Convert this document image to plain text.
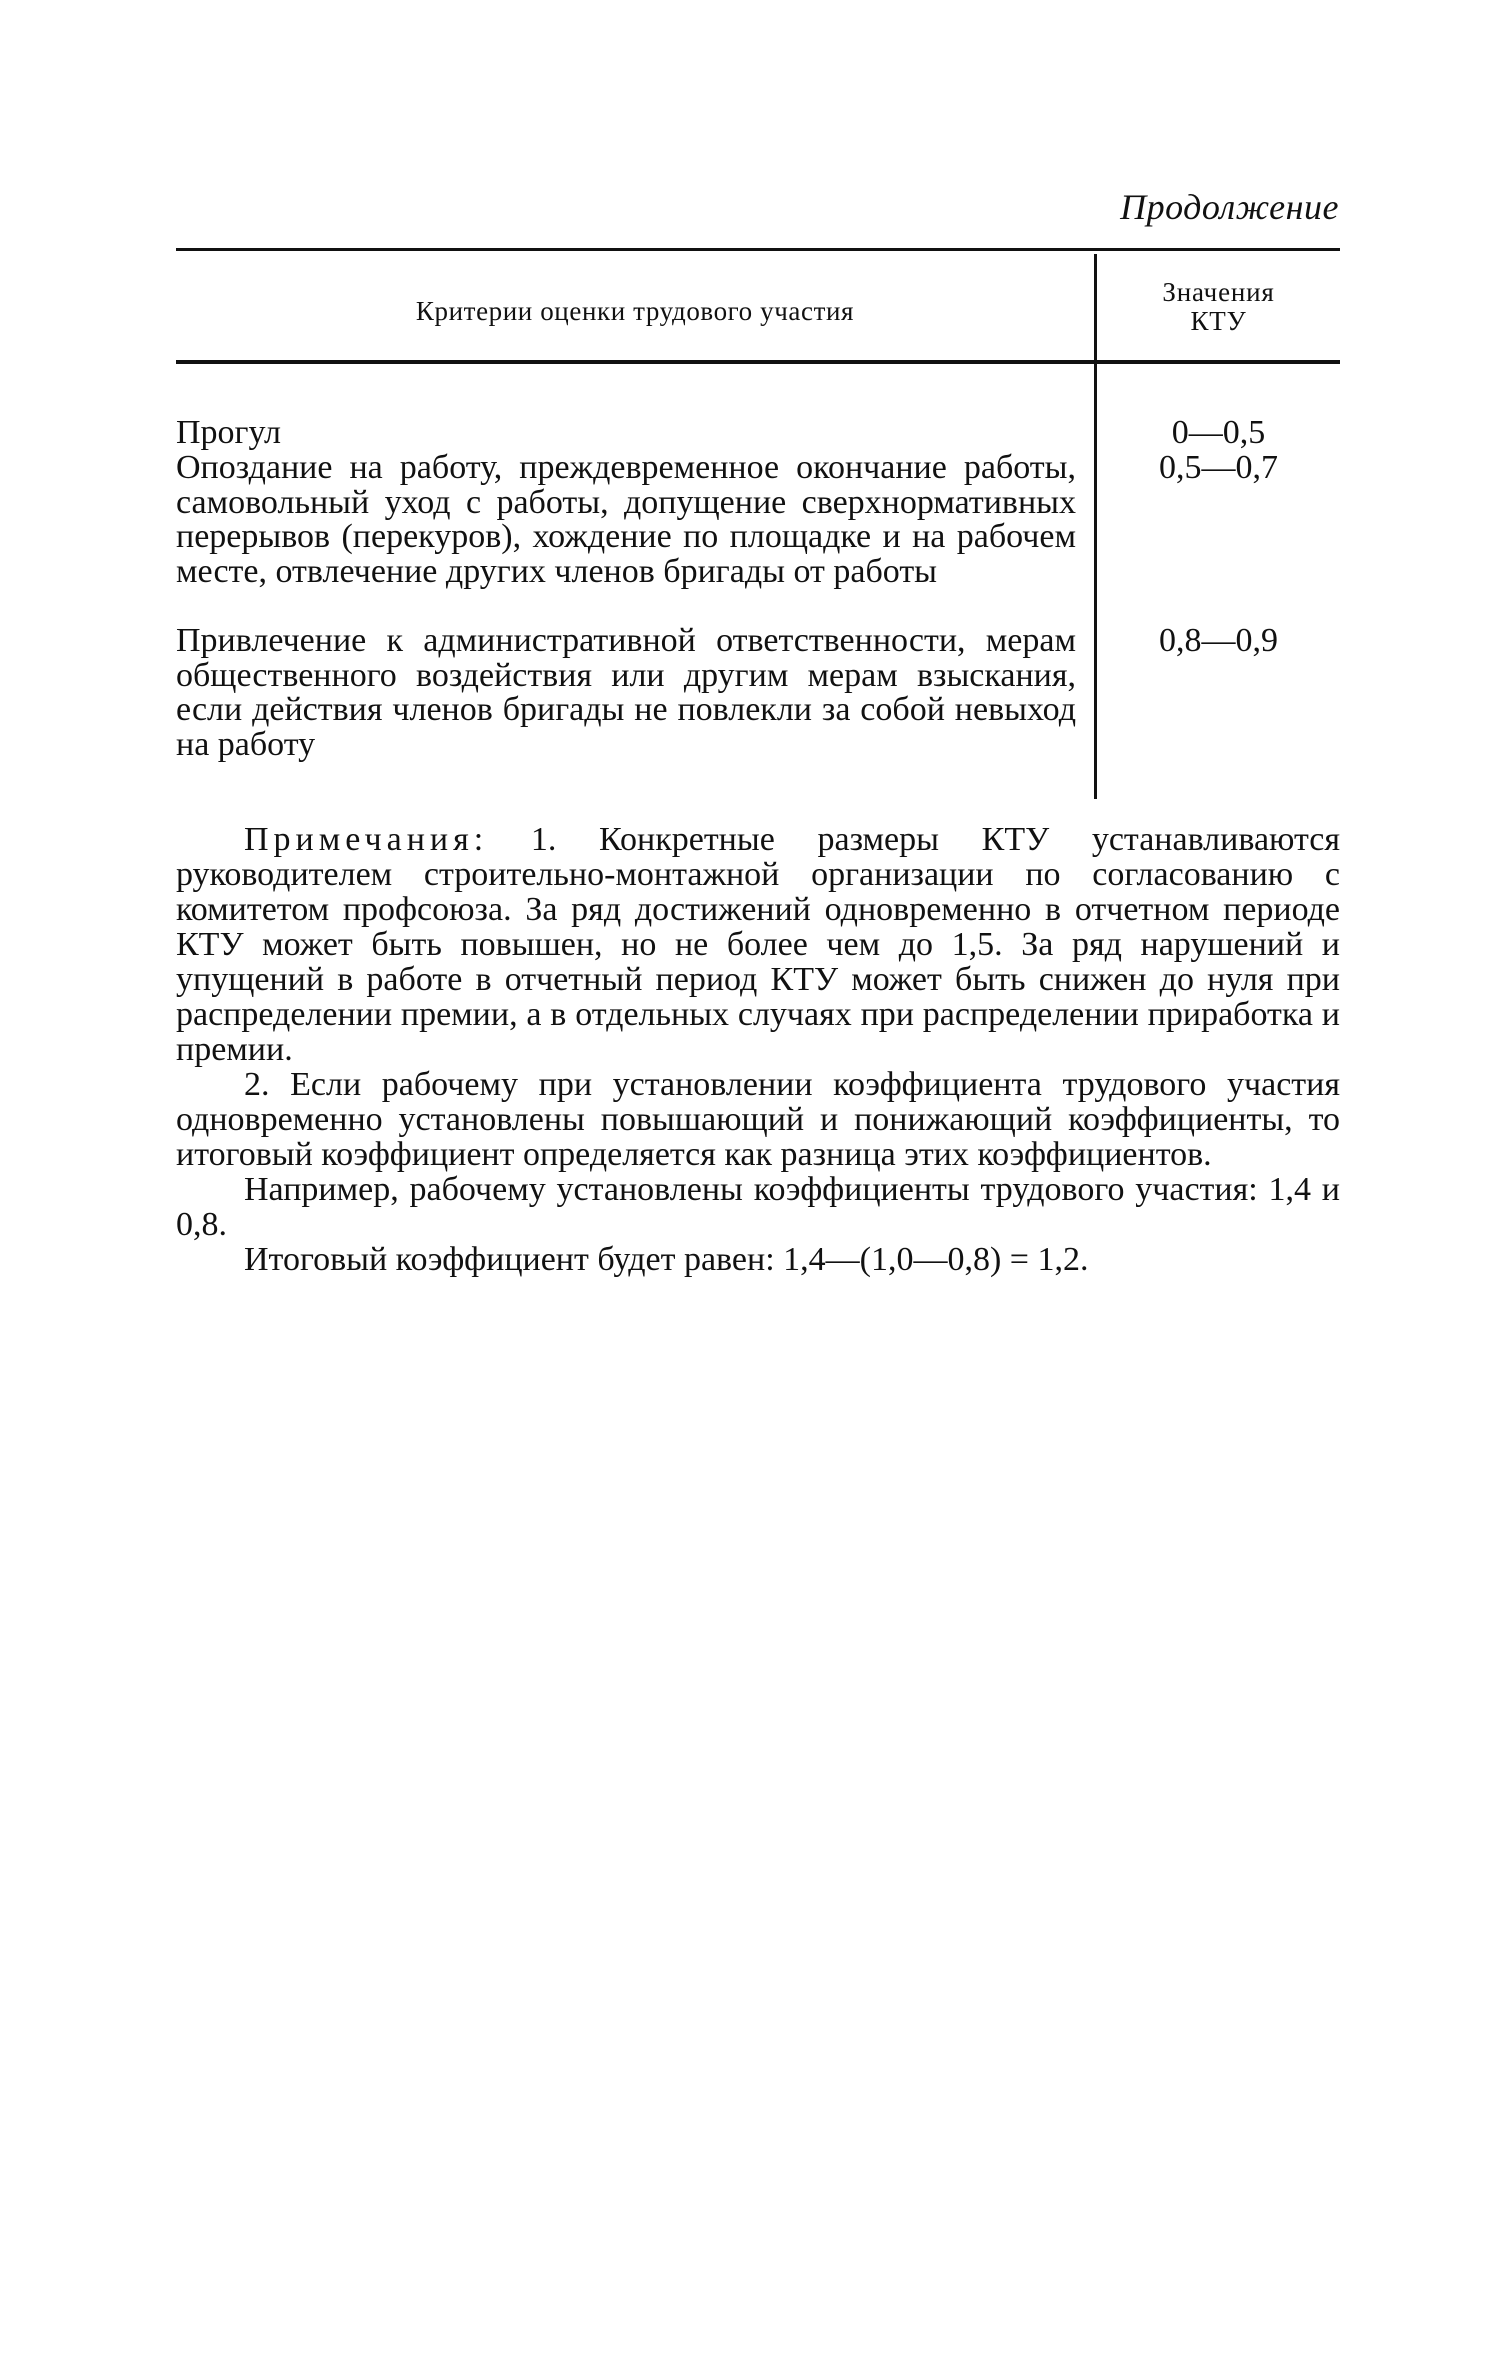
Продолжение
Критерии оценки трудового участия
Значения
КТУ
Прогул	0—0,5
Опоздание на работу, преждевременное окончание работы, самовольный уход с работы, допущение сверхнормативных перерывов (перекуров), хождение по площадке и на рабочем месте, отвлечение других членов бригады от работы
0,5—0,7
Привлечение к административной ответственности, мерам общественного воздействия или другим мерам взыскания, если действия членов бригады не повлекли за собой невыход на работу
0,8—0,9

Примечания: 1. Конкретные размеры КТУ устанавливаются руководителем строительно-монтажной организации по согласованию с комитетом профсоюза. За ряд достижений одновременно в отчетном периоде КТУ может быть повышен, но не более чем до 1,5. За ряд нарушений и упущений в работе в отчетный период КТУ может быть снижен до нуля при распределении премии, а в отдельных случаях при распределении приработка и премии.

2. Если рабочему при установлении коэффициента трудового участия одновременно установлены повышающий и понижающий коэффициенты, то итоговый коэффициент определяется как разница этих коэффициентов.

Например, рабочему установлены коэффициенты трудового участия: 1,4 и 0,8.

Итоговый коэффициент будет равен: 1,4—(1,0—0,8) = 1,2.
